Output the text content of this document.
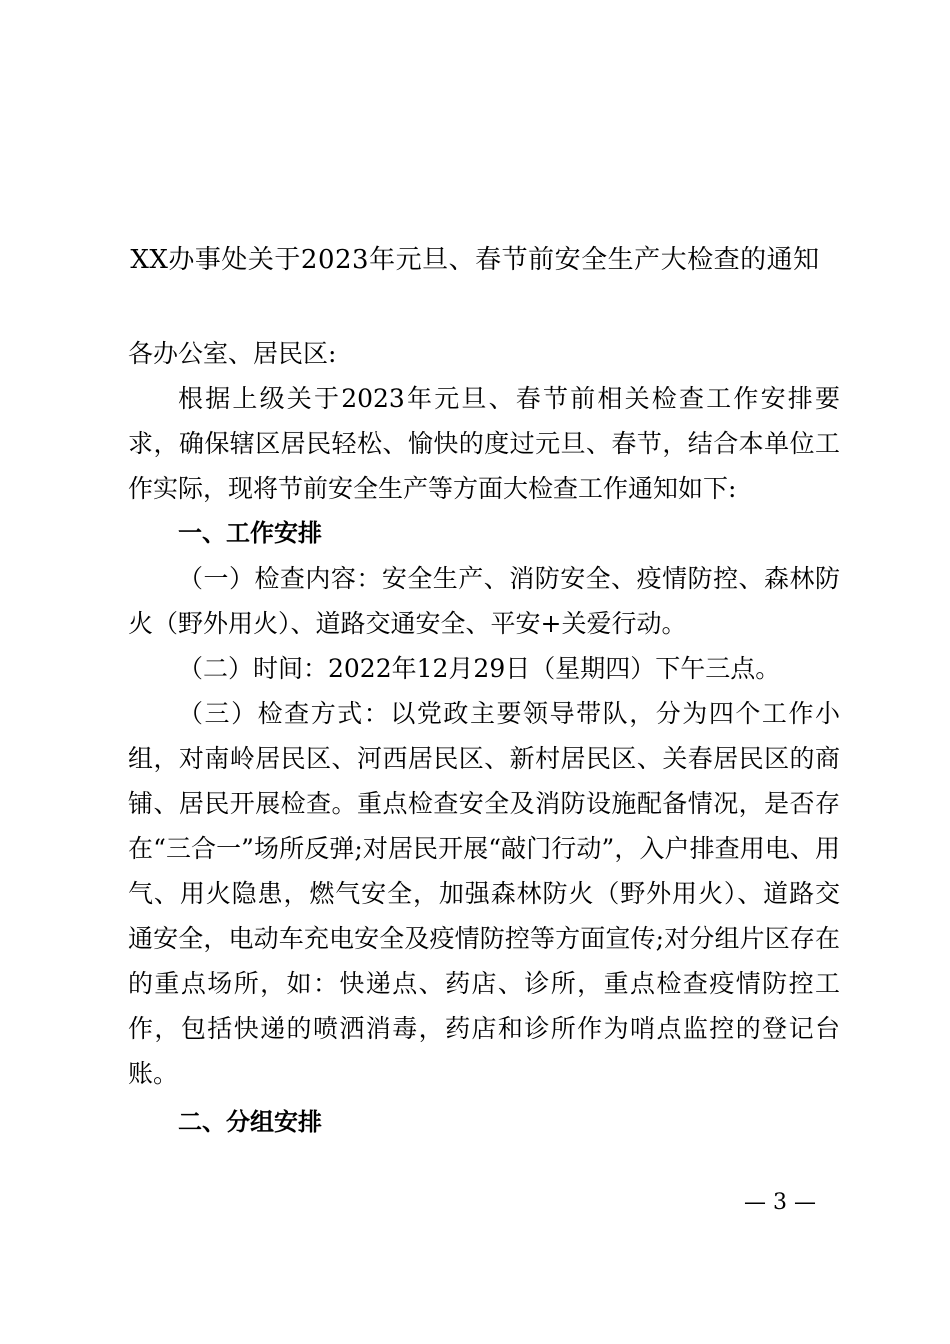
XX办事处关于2023年元旦、春节前安全生产大检查的通知

各办公室、居民区:

根据上级关于2023年元旦、春节前相关检查工作安排要求，确保辖区居民轻松、愉快的度过元旦、春节，结合本单位工作实际，现将节前安全生产等方面大检查工作通知如下:

一、工作安排

（一）检查内容：安全生产、消防安全、疫情防控、森林防火（野外用火）、道路交通安全、平安+关爱行动。

（二）时间：2022年12月29日（星期四）下午三点。

（三）检查方式：以党政主要领导带队，分为四个工作小组，对南岭居民区、河西居民区、新村居民区、关春居民区的商铺、居民开展检查。重点检查安全及消防设施配备情况，是否存在“三合一”场所反弹;对居民开展“敲门行动”，入户排查用电、用气、用火隐患，燃气安全，加强森林防火（野外用火）、道路交通安全，电动车充电安全及疫情防控等方面宣传;对分组片区存在的重点场所，如：快递点、药店、诊所，重点检查疫情防控工作，包括快递的喷洒消毒，药店和诊所作为哨点监控的登记台账。

二、分组安排

— 3 —
